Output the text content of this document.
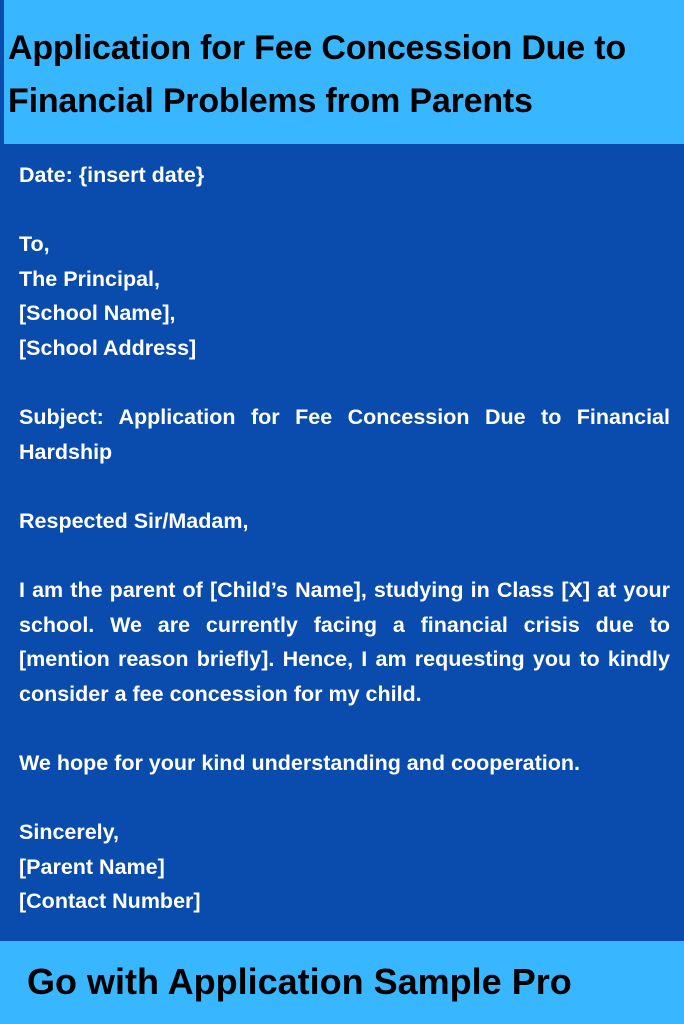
Application for Fee Concession Due to Financial Problems from Parents
Date: {insert date}
To,
The Principal,
[School Name],
[School Address]
Subject: Application for Fee Concession Due to Financial Hardship
Respected Sir/Madam,
I am the parent of [Child’s Name], studying in Class [X] at your school. We are currently facing a financial crisis due to [mention reason briefly]. Hence, I am requesting you to kindly consider a fee concession for my child.
We hope for your kind understanding and cooperation.
Sincerely,
[Parent Name]
[Contact Number]

Go with Application Sample Pro
